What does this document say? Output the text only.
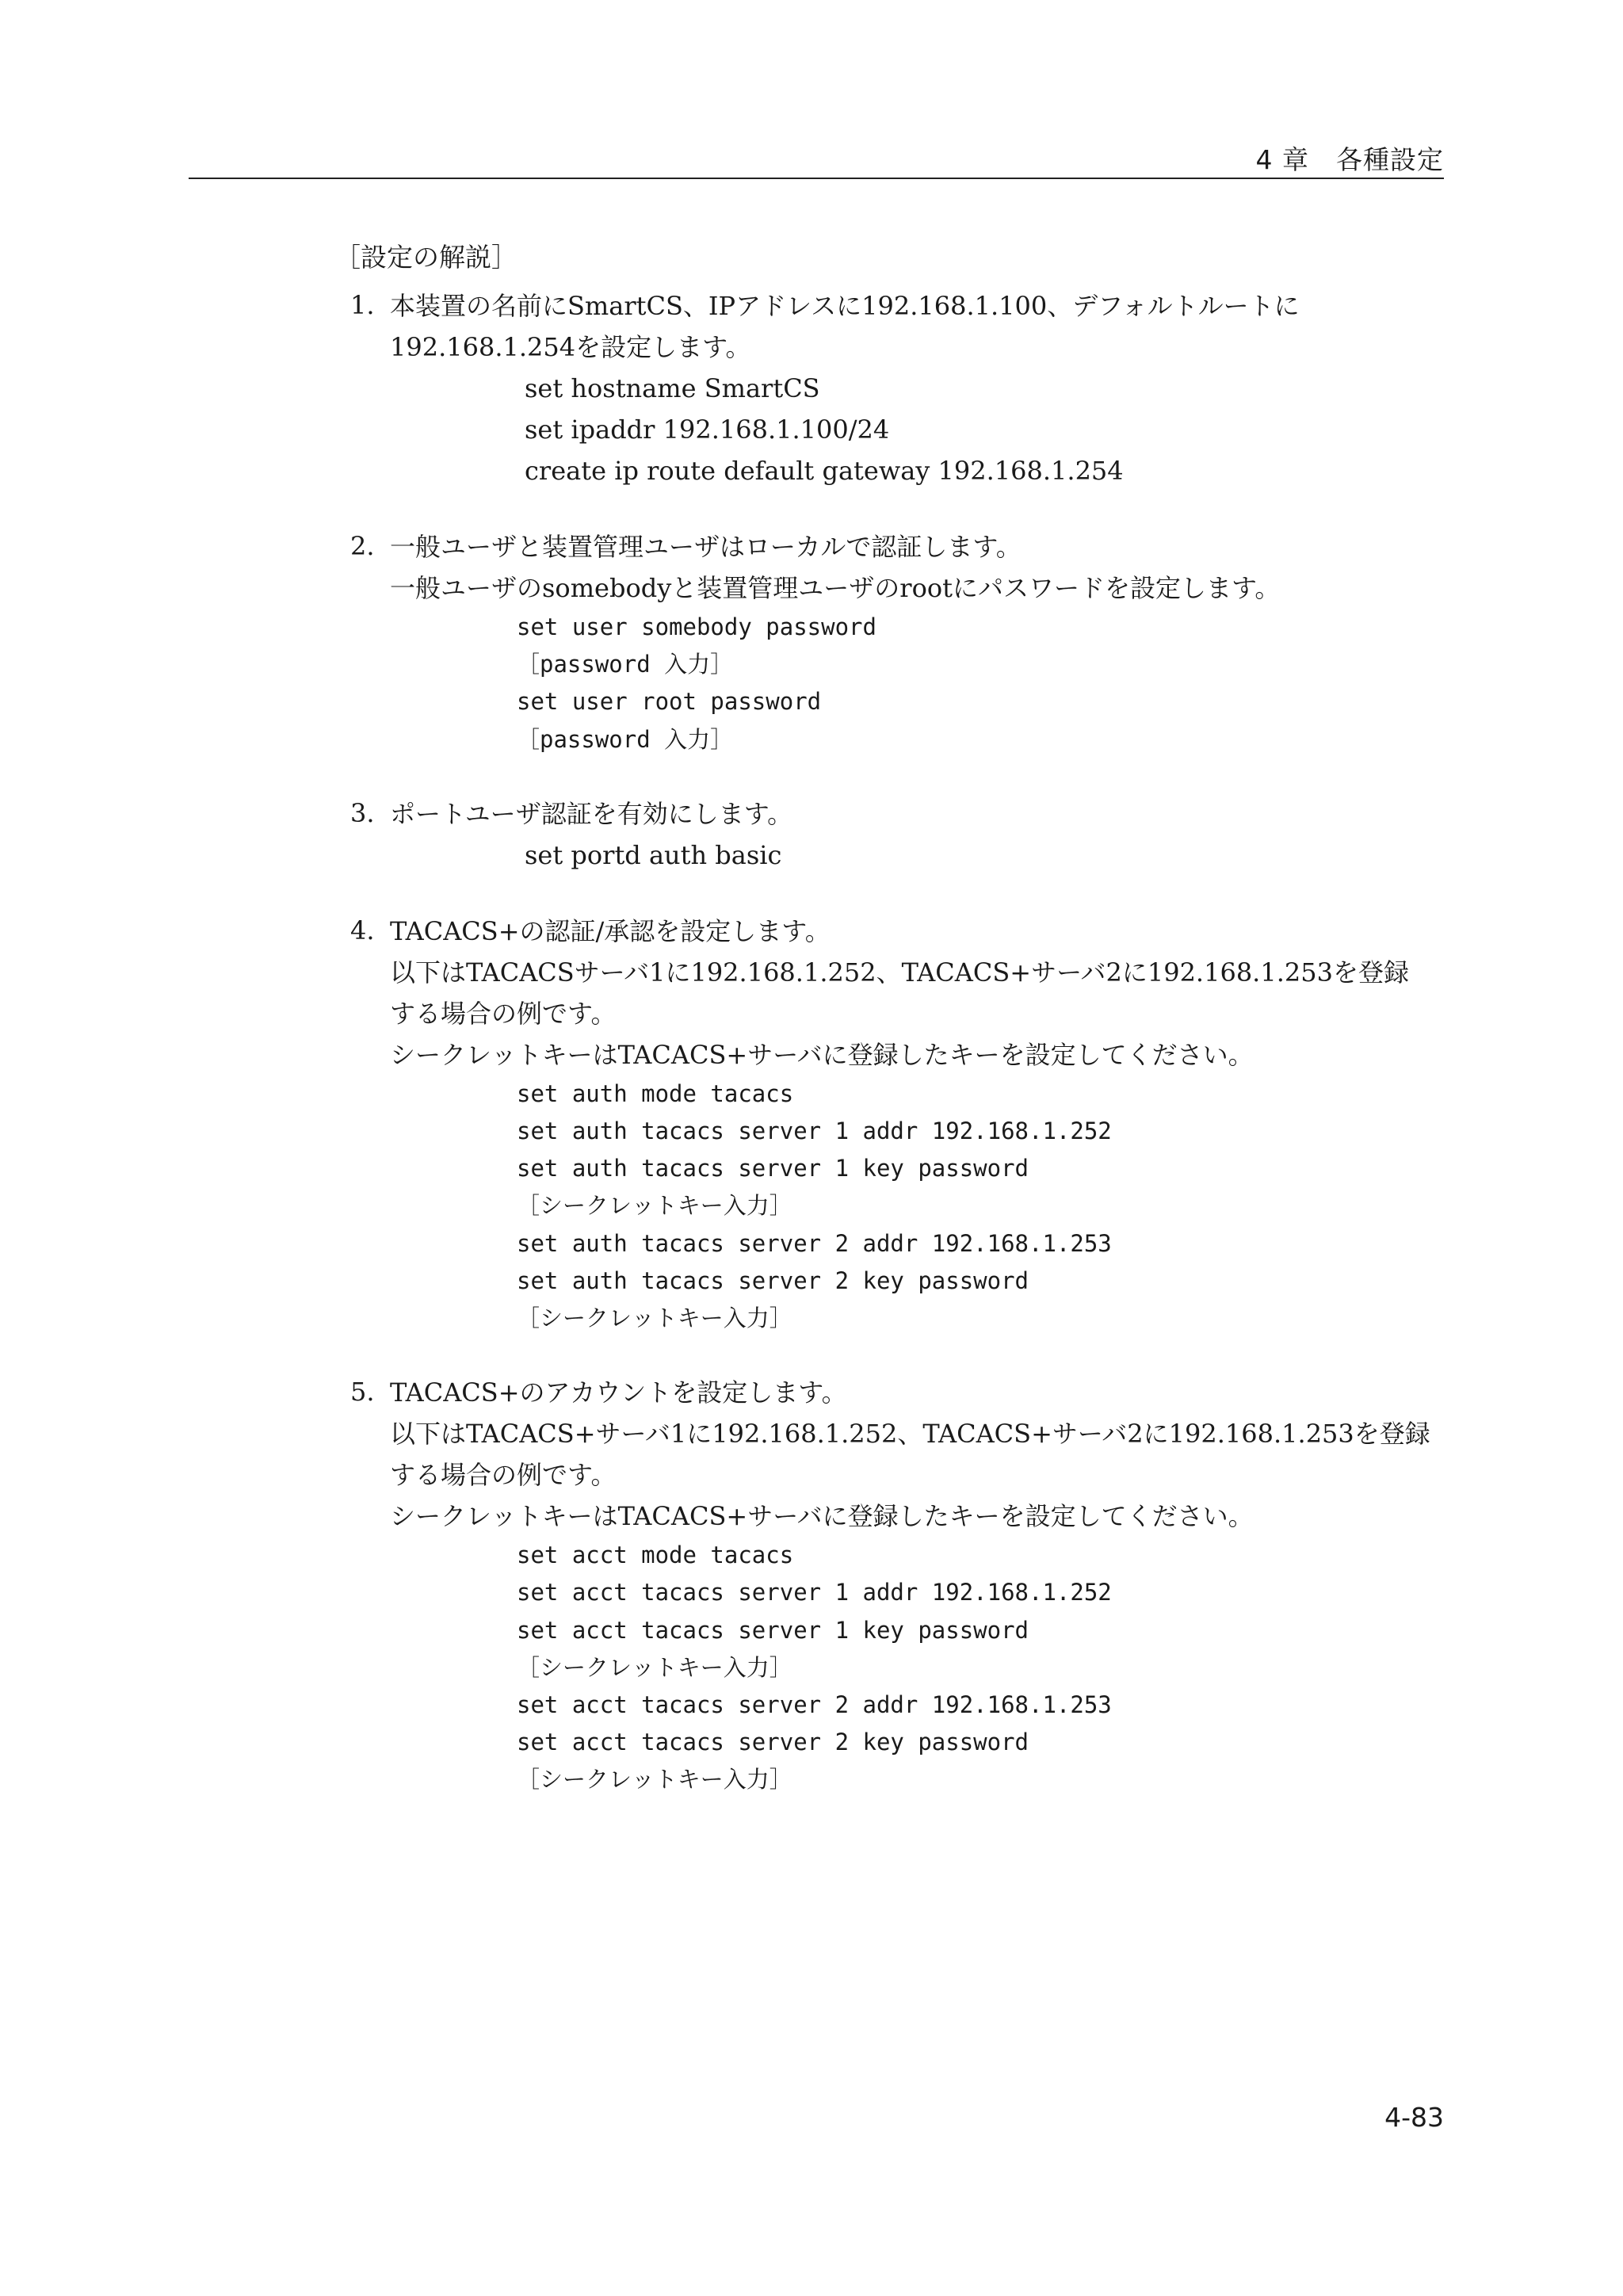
4 章　各種設定
［設定の解説］
1. 本装置の名前にSmartCS、IPアドレスに192.168.1.100、デフォルトルートに
192.168.1.254を設定します。
set hostname SmartCS
set ipaddr 192.168.1.100/24
create ip route default gateway 192.168.1.254
2. 一般ユーザと装置管理ユーザはローカルで認証します。
一般ユーザのsomebodyと装置管理ユーザのrootにパスワードを設定します。
set user somebody password
［password 入力］
set user root password
［password 入力］
3. ポートユーザ認証を有効にします。
set portd auth basic
4. TACACS+の認証/承認を設定します。
以下はTACACSサーバ1に192.168.1.252、TACACS+サーバ2に192.168.1.253を登録
する場合の例です。
シークレットキーはTACACS+サーバに登録したキーを設定してください。
set auth mode tacacs
set auth tacacs server 1 addr 192.168.1.252
set auth tacacs server 1 key password
［シークレットキー入力］
set auth tacacs server 2 addr 192.168.1.253
set auth tacacs server 2 key password
［シークレットキー入力］
5. TACACS+のアカウントを設定します。
以下はTACACS+サーバ1に192.168.1.252、TACACS+サーバ2に192.168.1.253を登録
する場合の例です。
シークレットキーはTACACS+サーバに登録したキーを設定してください。
set acct mode tacacs
set acct tacacs server 1 addr 192.168.1.252
set acct tacacs server 1 key password
［シークレットキー入力］
set acct tacacs server 2 addr 192.168.1.253
set acct tacacs server 2 key password
［シークレットキー入力］
4-83
